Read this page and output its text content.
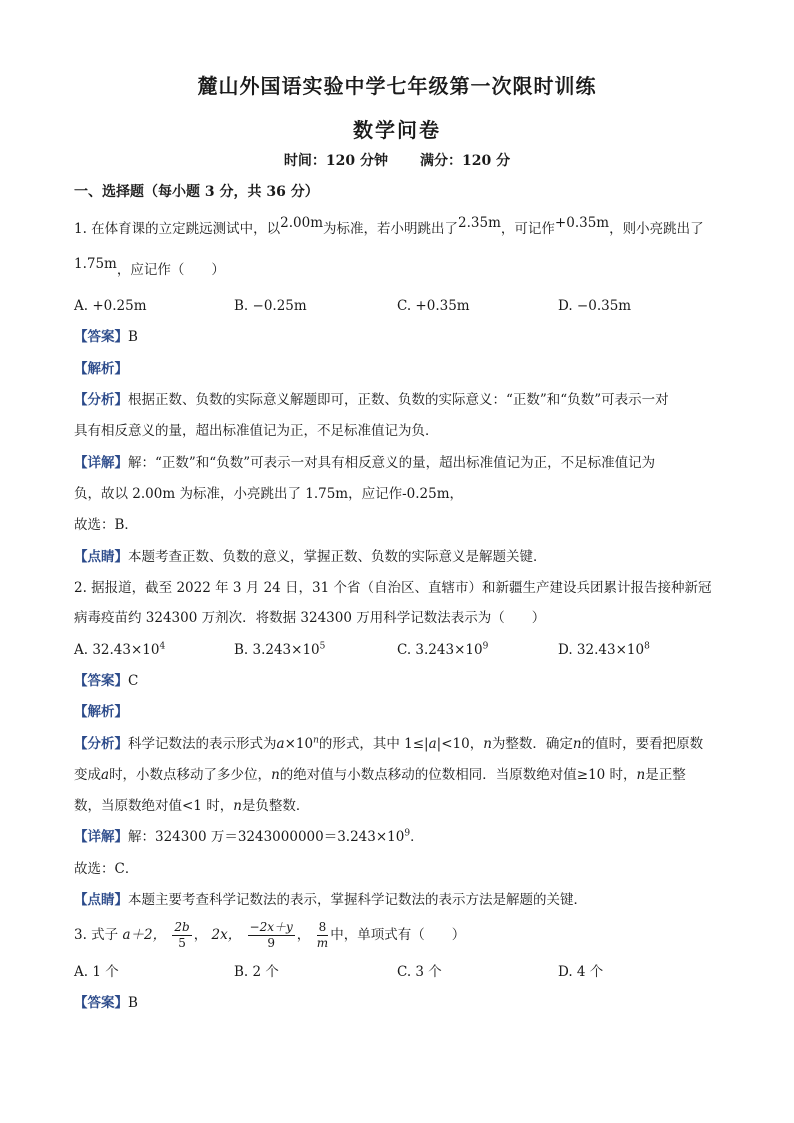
麓山外国语实验中学七年级第一次限时训练
数学问卷
时间：120 分钟 满分：120 分
一、选择题（每小题 3 分，共 36 分）
1. 在体育课的立定跳远测试中，以2.00m为标准，若小明跳出了2.35m，可记作+0.35m，则小亮跳出了
1.75m，应记作（　　）
A. +0.25m	B. −0.25m	C. +0.35m	D. −0.35m
【答案】B
【解析】
【分析】根据正数、负数的实际意义解题即可，正数、负数的实际意义：“正数”和“负数”可表示一对
具有相反意义的量，超出标准值记为正，不足标准值记为负．
【详解】解：“正数”和“负数”可表示一对具有相反意义的量，超出标准值记为正，不足标准值记为
负，故以 2.00m 为标准，小亮跳出了 1.75m，应记作-0.25m，
故选：B．
【点睛】本题考查正数、负数的意义，掌握正数、负数的实际意义是解题关键．
2. 据报道，截至 2022 年 3 月 24 日，31 个省（自治区、直辖市）和新疆生产建设兵团累计报告接种新冠
病毒疫苗约 324300 万剂次．将数据 324300 万用科学记数法表示为（　　）
A. $32.43\times 10^4$	B. $3.243\times 10^5$	C. $3.243\times 10^9$	D. $32.43\times 10^8$
【答案】C
【解析】
【分析】科学记数法的表示形式为$a\times 10^n$的形式，其中 1≤|a|<10，n为整数．确定n的值时，要看把原数
变成a时，小数点移动了多少位，n的绝对值与小数点移动的位数相同．当原数绝对值≥10 时，n是正整
数，当原数绝对值<1 时，n是负整数．
【详解】解：324300 万$=3243000000=3.243\times 10^9$．
故选：C．
【点睛】本题主要考查科学记数法的表示，掌握科学记数法的表示方法是解题的关键．
3. 式子 a＋2， $\frac{2b}{5}$ ， 2x， $\frac{-2x+y}{9}$ ， $\frac{8}{m}$ 中，单项式有（　　）
A. 1 个	B. 2 个	C. 3 个	D. 4 个
【答案】B
